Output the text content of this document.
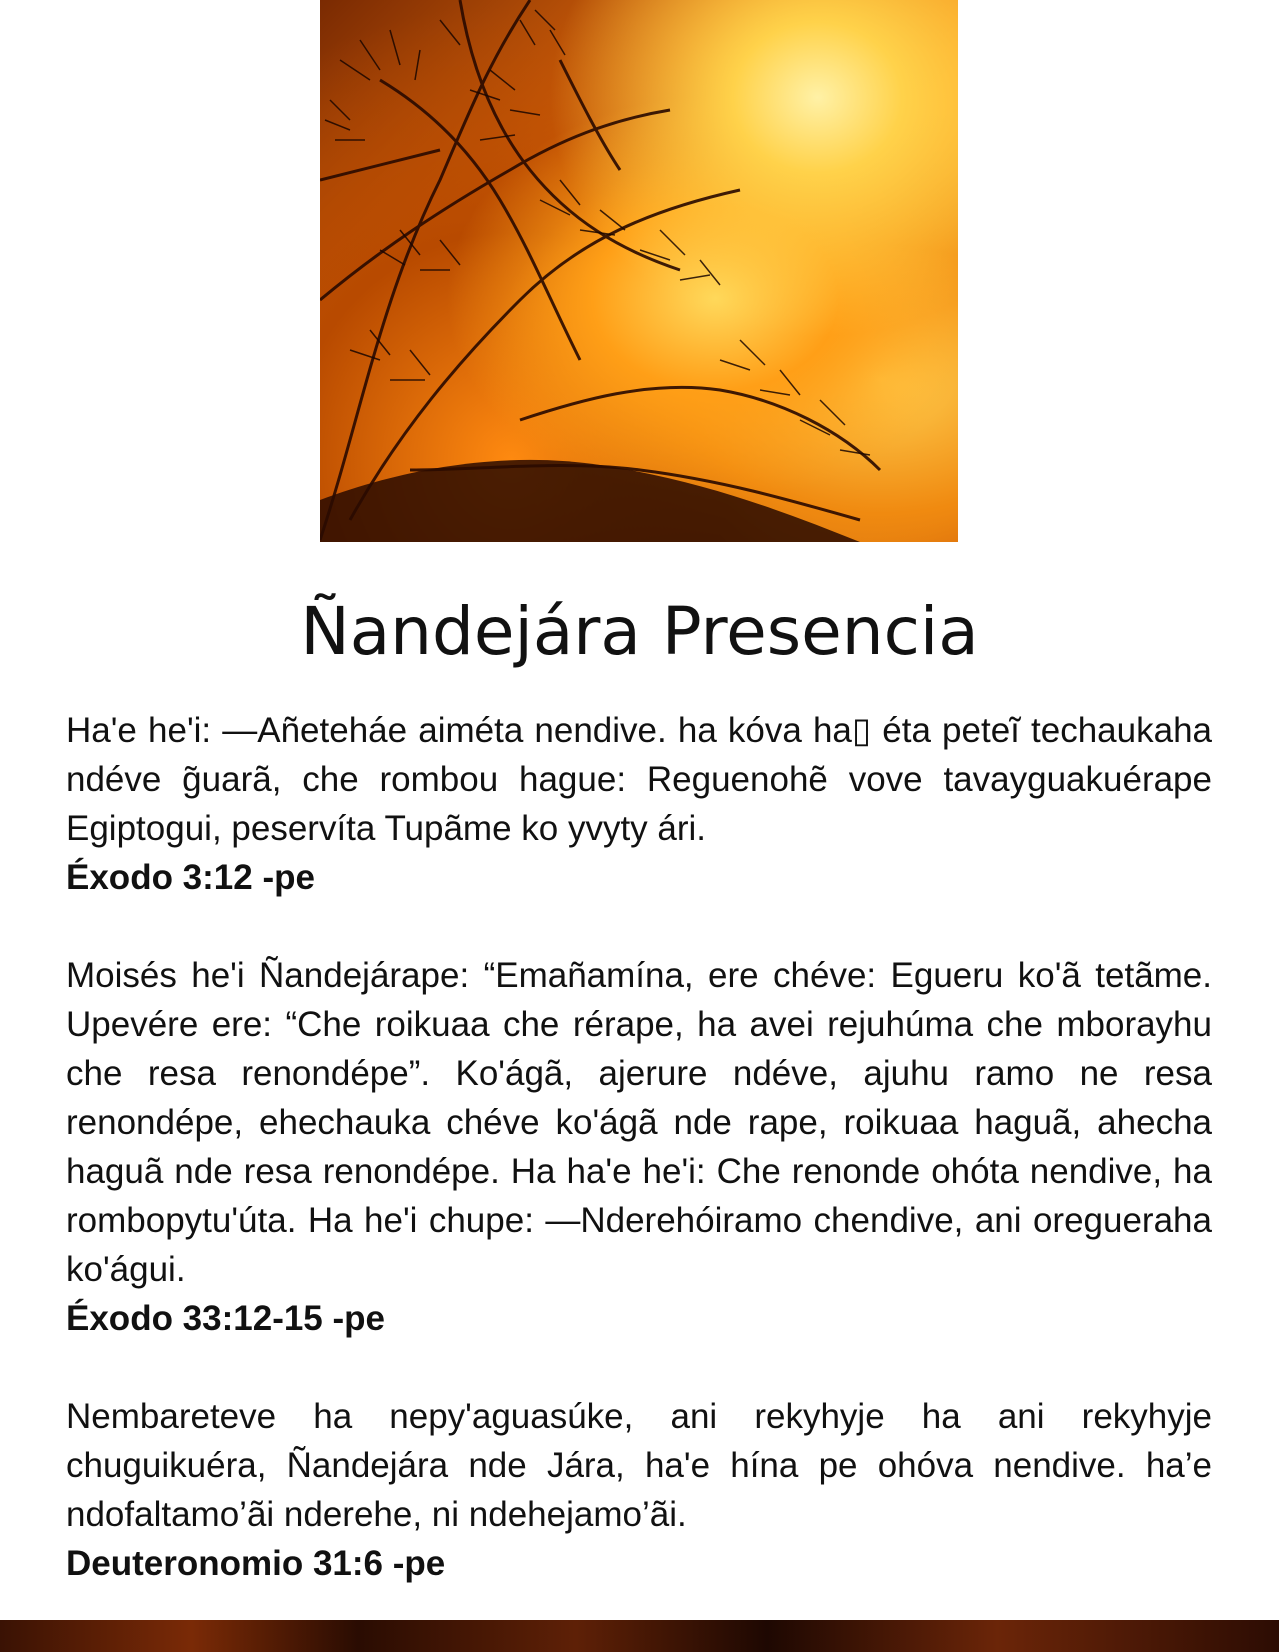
Ñandejára Presencia

Ha'e he'i: —Añeteháe aiméta nendive. ha kóva ha▯ éta peteĩ techaukaha ndéve g̃uarã, che rombou hague: Reguenohẽ vove tavayguakuérape Egiptogui, peservíta Tupãme ko yvyty ári.

Éxodo 3:12 -pe

Moisés he'i Ñandejárape: “Emañamína, ere chéve: Egueru ko'ã tetãme. Upevére ere: “Che roikuaa che rérape, ha avei rejuhúma che mborayhu che resa renondépe”. Ko'ágã, ajerure ndéve, ajuhu ramo ne resa renondépe, ehechauka chéve ko'ágã nde rape, roikuaa haguã, ahecha haguã nde resa renondépe. Ha ha'e he'i: Che renonde ohóta nendive, ha rombopytu'úta. Ha he'i chupe: —Nderehóiramo chendive, ani oregueraha ko'águi.

Éxodo 33:12-15 -pe

Nembareteve ha nepy'aguasúke, ani rekyhyje ha ani rekyhyje chuguikuéra, Ñandejára nde Jára, ha'e hína pe ohóva nendive. ha’e ndofaltamo’ãi nderehe, ni ndehejamo’ãi.

Deuteronomio 31:6 -pe
